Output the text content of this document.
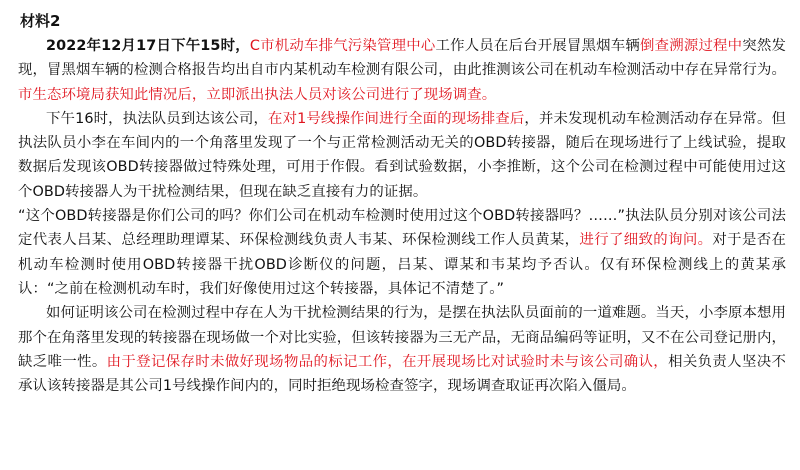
材料2

2022年12月17日下午15时，C市机动车排气污染管理中心工作人员在后台开展冒黑烟车辆倒查溯源过程中突然发现，冒黑烟车辆的检测合格报告均出自市内某机动车检测有限公司，由此推测该公司在机动车检测活动中存在异常行为。市生态环境局获知此情况后，立即派出执法人员对该公司进行了现场调查。

下午16时，执法队员到达该公司，在对1号线操作间进行全面的现场排查后，并未发现机动车检测活动存在异常。但执法队员小李在车间内的一个角落里发现了一个与正常检测活动无关的OBD转接器，随后在现场进行了上线试验，提取数据后发现该OBD转接器做过特殊处理，可用于作假。看到试验数据，小李推断，这个公司在检测过程中可能使用过这个OBD转接器人为干扰检测结果，但现在缺乏直接有力的证据。

“这个OBD转接器是你们公司的吗？你们公司在机动车检测时使用过这个OBD转接器吗？……”执法队员分别对该公司法定代表人吕某、总经理助理谭某、环保检测线负责人韦某、环保检测线工作人员黄某，进行了细致的询问。对于是否在机动车检测时使用OBD转接器干扰OBD诊断仪的问题，吕某、谭某和韦某均予否认。仅有环保检测线上的黄某承认：“之前在检测机动车时，我们好像使用过这个转接器，具体记不清楚了。”

如何证明该公司在检测过程中存在人为干扰检测结果的行为，是摆在执法队员面前的一道难题。当天，小李原本想用那个在角落里发现的转接器在现场做一个对比实验，但该转接器为三无产品，无商品编码等证明，又不在公司登记册内，缺乏唯一性。由于登记保存时未做好现场物品的标记工作，在开展现场比对试验时未与该公司确认，相关负责人坚决不承认该转接器是其公司1号线操作间内的，同时拒绝现场检查签字，现场调查取证再次陷入僵局。
